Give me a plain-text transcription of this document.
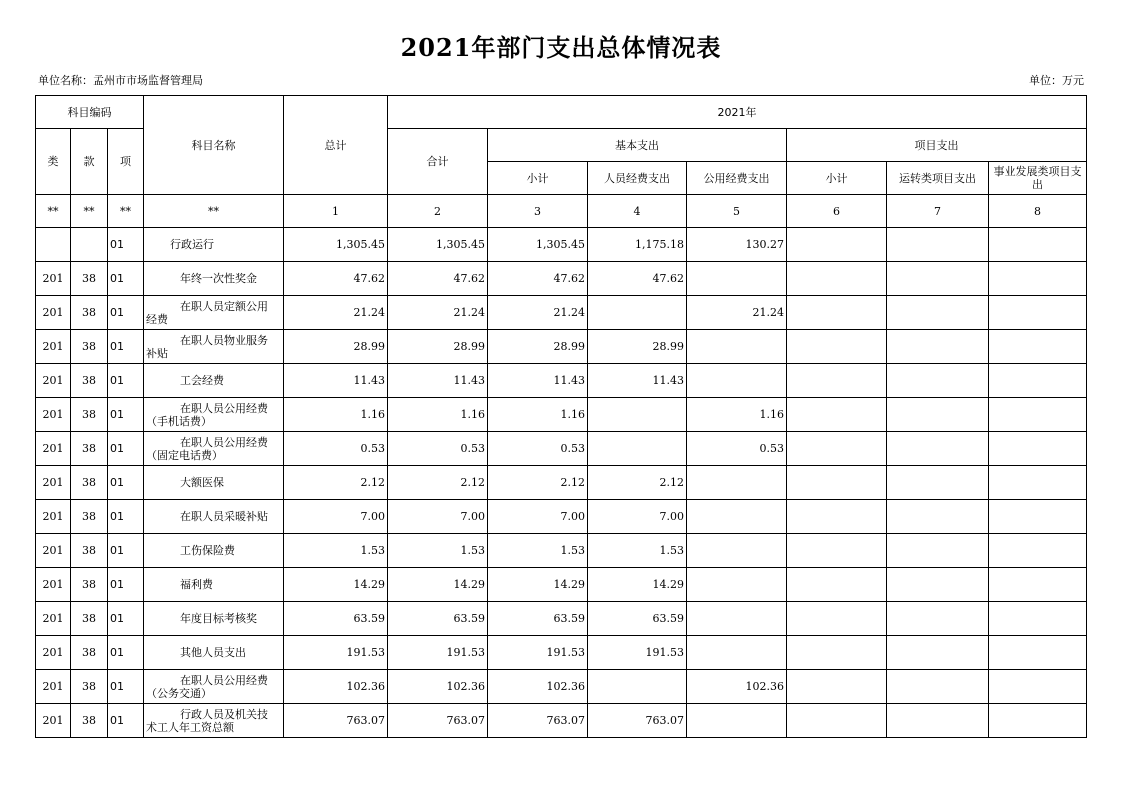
2021年部门支出总体情况表
单位名称：孟州市市场监督管理局	单位：万元
科目编码			科目名称	总计	2021年						
类	款	项			合计	基本支出			项目支出		
						小计	人员经费支出	公用经费支出	小计	运转类项目支出	事业发展类项目支出
**	**	**	**	1	2	3	4	5	6	7	8
		01	行政运行	1,305.45	1,305.45	1,305.45	1,175.18	130.27			
201	38	01	年终一次性奖金	47.62	47.62	47.62	47.62				
201	38	01	在职人员定额公用
经费	21.24	21.24	21.24		21.24			
201	38	01	在职人员物业服务
补贴	28.99	28.99	28.99	28.99				
201	38	01	工会经费	11.43	11.43	11.43	11.43				
201	38	01	在职人员公用经费
（手机话费）	1.16	1.16	1.16		1.16			
201	38	01	在职人员公用经费
（固定电话费）	0.53	0.53	0.53		0.53			
201	38	01	大额医保	2.12	2.12	2.12	2.12				
201	38	01	在职人员采暖补贴	7.00	7.00	7.00	7.00				
201	38	01	工伤保险费	1.53	1.53	1.53	1.53				
201	38	01	福利费	14.29	14.29	14.29	14.29				
201	38	01	年度目标考核奖	63.59	63.59	63.59	63.59				
201	38	01	其他人员支出	191.53	191.53	191.53	191.53				
201	38	01	在职人员公用经费
（公务交通）	102.36	102.36	102.36		102.36			
201	38	01	行政人员及机关技
术工人年工资总额	763.07	763.07	763.07	763.07				
